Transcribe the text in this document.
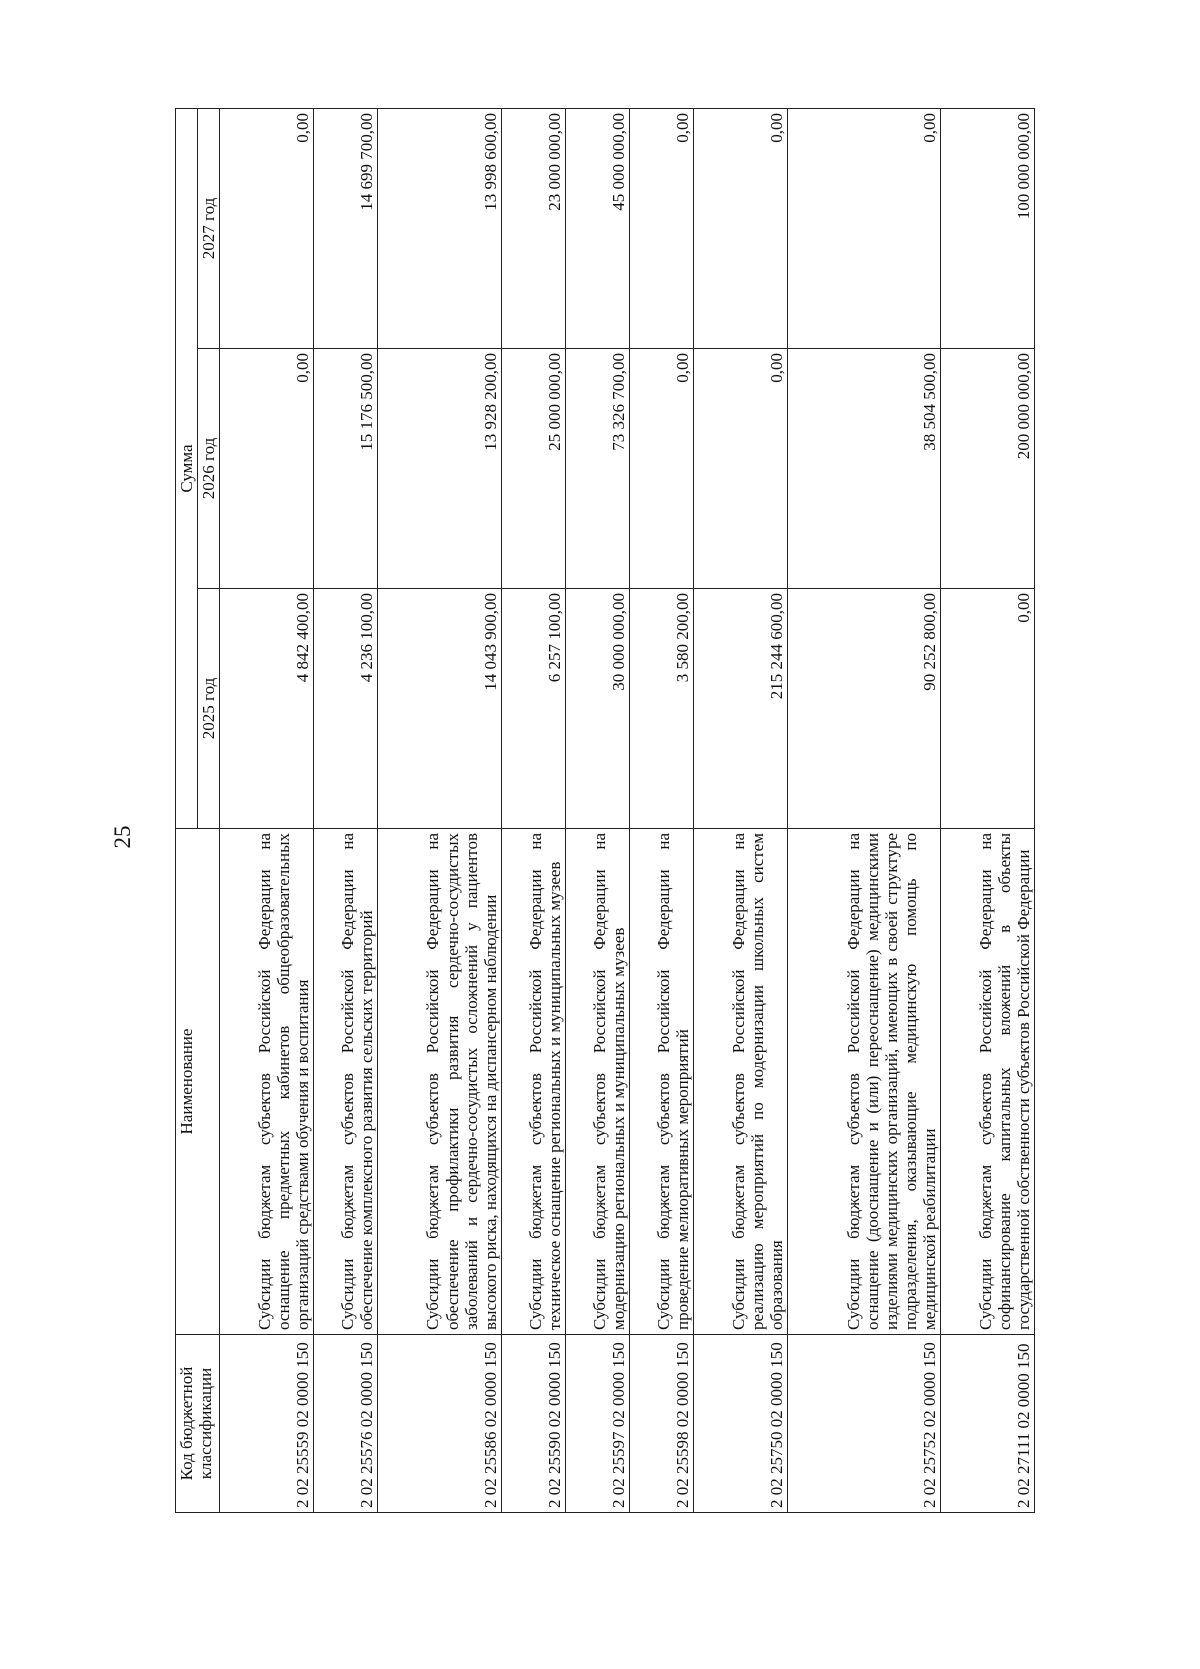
25
Код бюджетной классификации	Наименование	Сумма		
		2025 год	2026 год	2027 год
2 02 25559 02 0000 150	Субсидии бюджетам субъектов Российской Федерации на оснащение предметных кабинетов общеобразовательных организаций средствами обучения и воспитания	4 842 400,00	0,00	0,00
2 02 25576 02 0000 150	Субсидии бюджетам субъектов Российской Федерации на обеспечение комплексного развития сельских территорий	4 236 100,00	15 176 500,00	14 699 700,00
2 02 25586 02 0000 150	Субсидии бюджетам субъектов Российской Федерации на обеспечение профилактики развития сердечно-сосудистых заболеваний и сердечно-сосудистых осложнений у пациентов высокого риска, находящихся на диспансерном наблюдении	14 043 900,00	13 928 200,00	13 998 600,00
2 02 25590 02 0000 150	Субсидии бюджетам субъектов Российской Федерации на техническое оснащение региональных и муниципальных музеев	6 257 100,00	25 000 000,00	23 000 000,00
2 02 25597 02 0000 150	Субсидии бюджетам субъектов Российской Федерации на модернизацию региональных и муниципальных музеев	30 000 000,00	73 326 700,00	45 000 000,00
2 02 25598 02 0000 150	Субсидии бюджетам субъектов Российской Федерации на проведение мелиоративных мероприятий	3 580 200,00	0,00	0,00
2 02 25750 02 0000 150	Субсидии бюджетам субъектов Российской Федерации на реализацию мероприятий по модернизации школьных систем образования	215 244 600,00	0,00	0,00
2 02 25752 02 0000 150	Субсидии бюджетам субъектов Российской Федерации на оснащение (дооснащение и (или) переоснащение) медицинскими изделиями медицинских организаций, имеющих в своей структуре подразделения, оказывающие медицинскую помощь по медицинской реабилитации	90 252 800,00	38 504 500,00	0,00
2 02 27111 02 0000 150	Субсидии бюджетам субъектов Российской Федерации на софинансирование капитальных вложений в объекты государственной собственности субъектов Российской Федерации	0,00	200 000 000,00	100 000 000,00
